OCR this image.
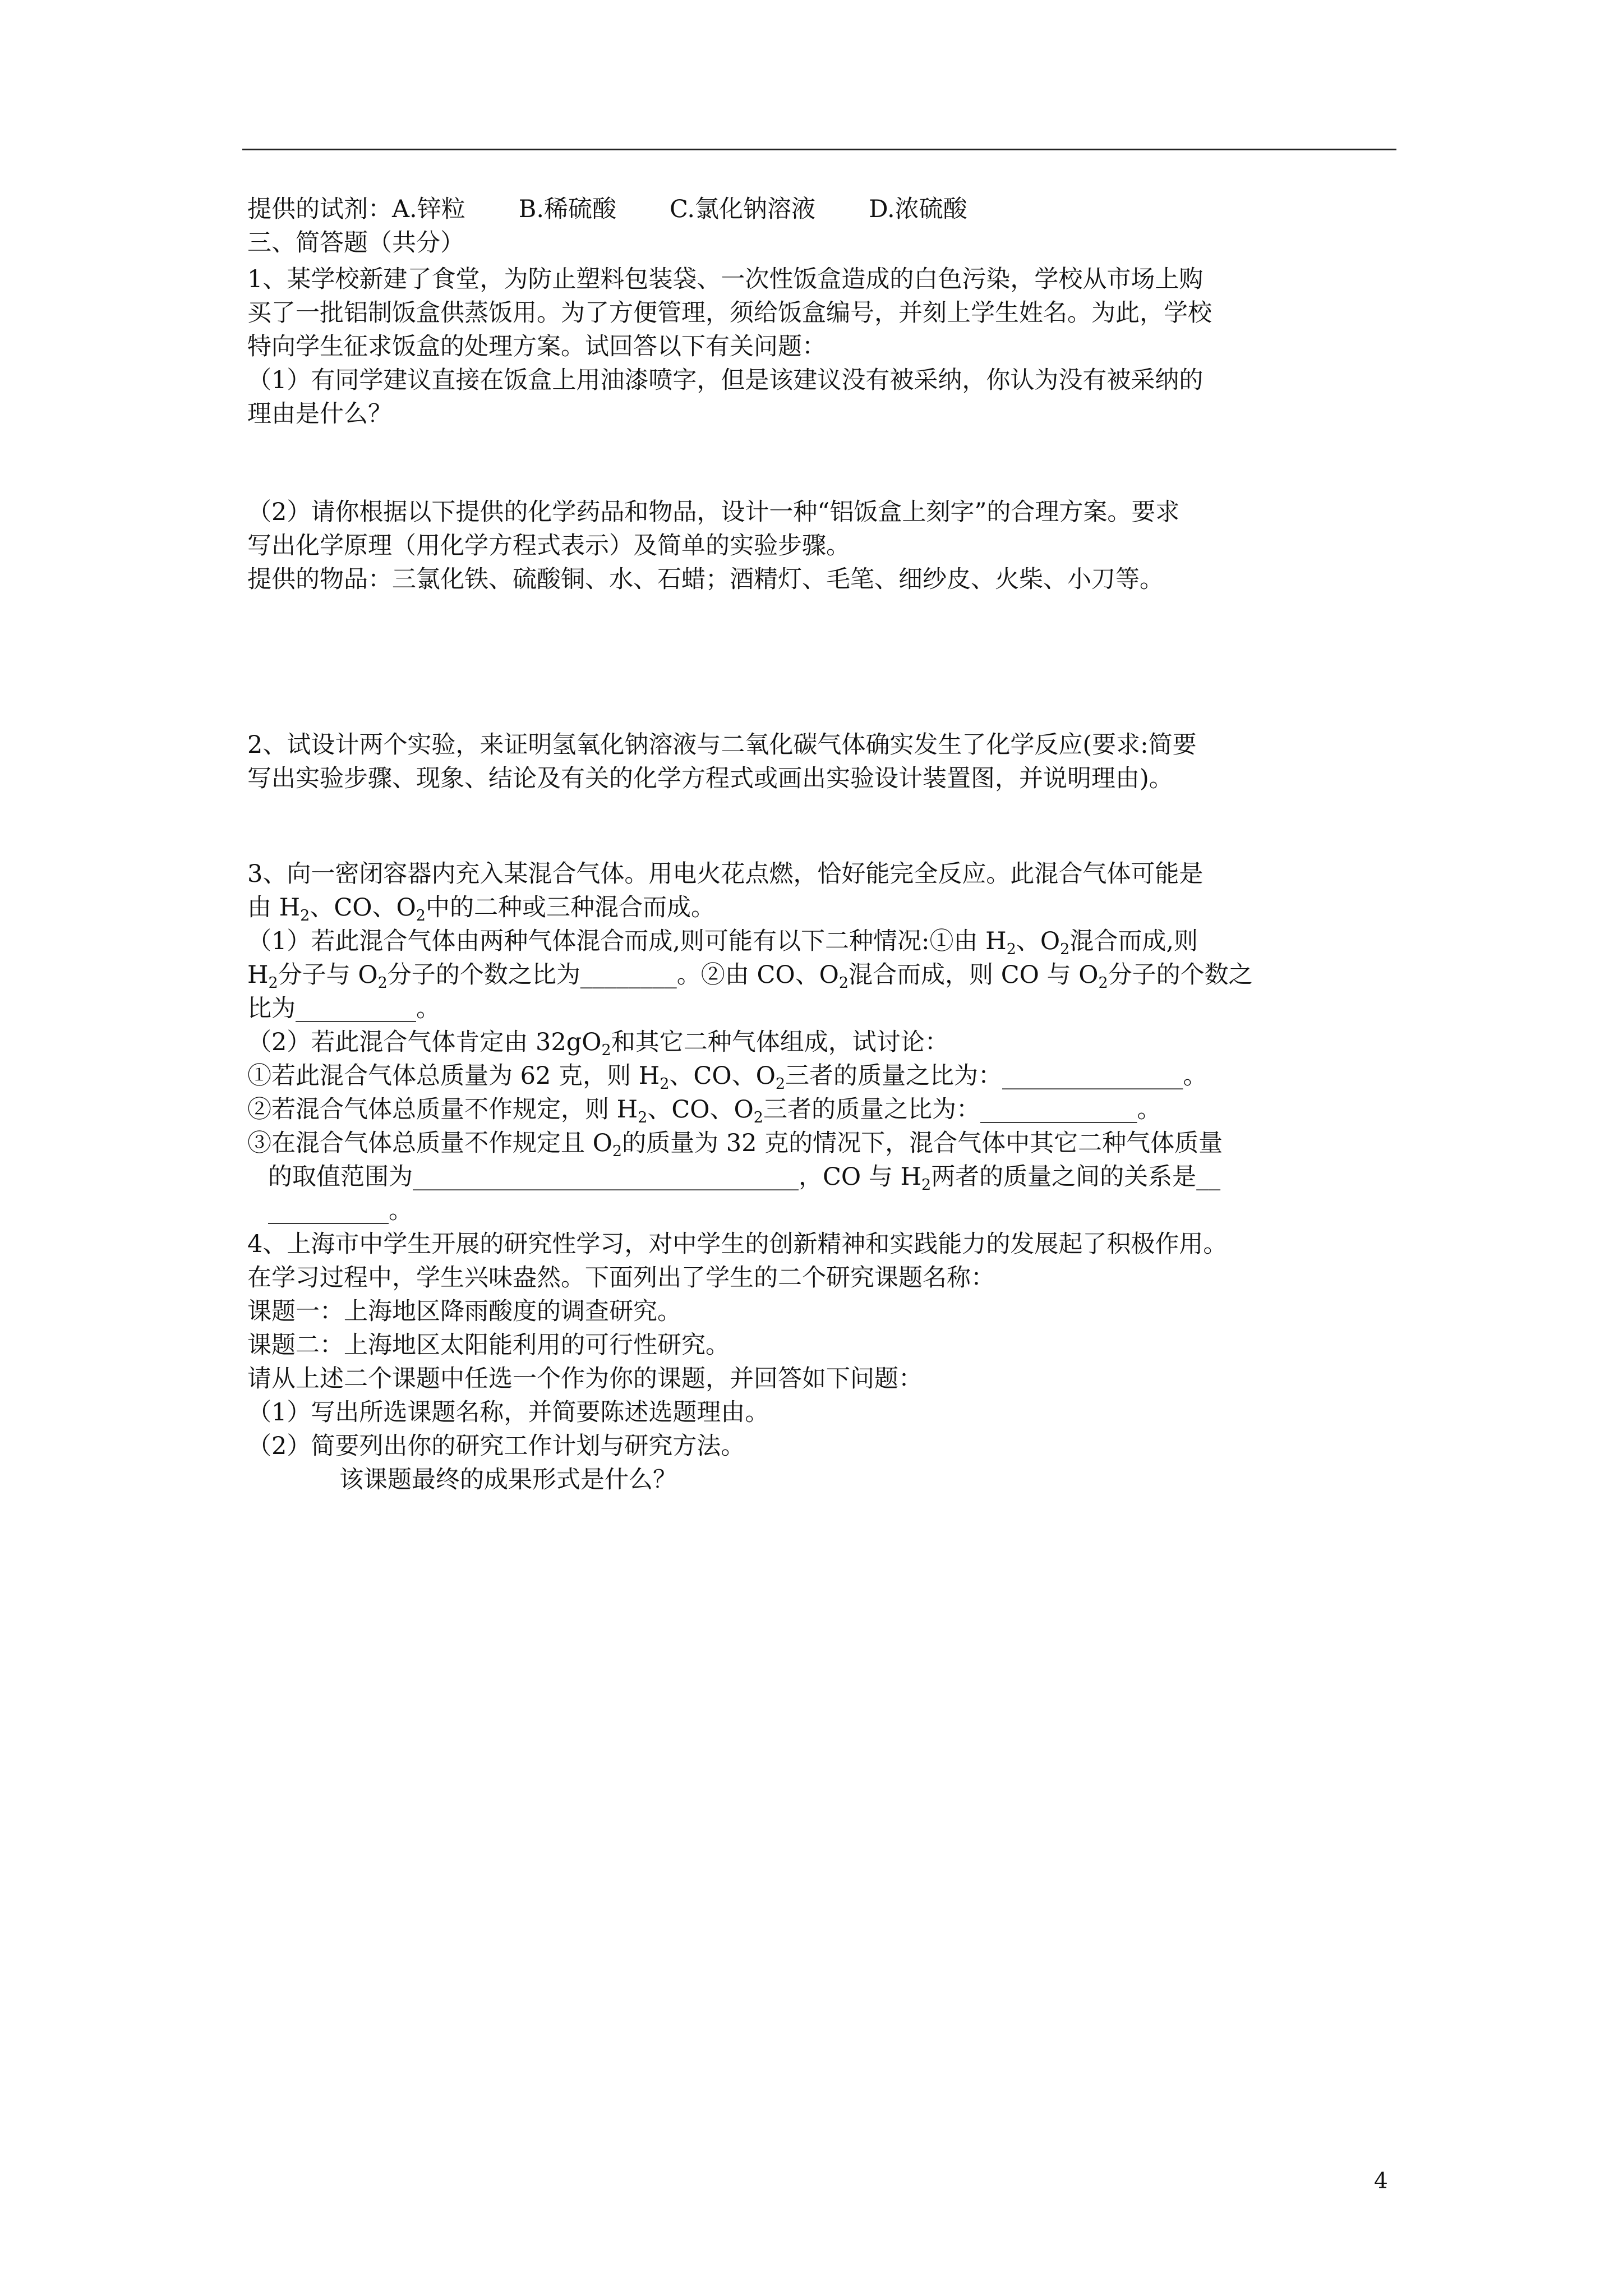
提供的试剂：A.锌粒 B.稀硫酸 C.氯化钠溶液 D.浓硫酸
三、简答题（共分）
1、某学校新建了食堂，为防止塑料包装袋、一次性饭盒造成的白色污染，学校从市场上购
买了一批铝制饭盒供蒸饭用。为了方便管理，须给饭盒编号，并刻上学生姓名。为此，学校
特向学生征求饭盒的处理方案。试回答以下有关问题：
（1）有同学建议直接在饭盒上用油漆喷字，但是该建议没有被采纳，你认为没有被采纳的
理由是什么？
（2）请你根据以下提供的化学药品和物品，设计一种“铝饭盒上刻字”的合理方案。要求
写出化学原理（用化学方程式表示）及简单的实验步骤。
提供的物品：三氯化铁、硫酸铜、水、石蜡；酒精灯、毛笔、细纱皮、火柴、小刀等。
2、试设计两个实验，来证明氢氧化钠溶液与二氧化碳气体确实发生了化学反应(要求:简要
写出实验步骤、现象、结论及有关的化学方程式或画出实验设计装置图，并说明理由)。
3、向一密闭容器内充入某混合气体。用电火花点燃，恰好能完全反应。此混合气体可能是
由 $H_2$、CO、$O_2$中的二种或三种混合而成。
（1）若此混合气体由两种气体混合而成,则可能有以下二种情况:①由 $H_2$、$O_2$混合而成,则
$H_2$分子与 $O_2$分子的个数之比为________。②由 CO、$O_2$混合而成，则 CO 与 $O_2$分子的个数之
比为__________。
（2）若此混合气体肯定由 $32gO_2$和其它二种气体组成，试讨论：
①若此混合气体总质量为 62 克，则 $H_2$、CO、$O_2$三者的质量之比为：_______________。
②若混合气体总质量不作规定，则 $H_2$、CO、$O_2$三者的质量之比为：_____________。
③在混合气体总质量不作规定且 $O_2$的质量为 32 克的情况下，混合气体中其它二种气体质量
的取值范围为________________________________，CO 与 $H_2$两者的质量之间的关系是__
__________。
4、上海市中学生开展的研究性学习，对中学生的创新精神和实践能力的发展起了积极作用。
在学习过程中，学生兴味盎然。下面列出了学生的二个研究课题名称：
课题一：上海地区降雨酸度的调查研究。
课题二：上海地区太阳能利用的可行性研究。
请从上述二个课题中任选一个作为你的课题，并回答如下问题：
（1）写出所选课题名称，并简要陈述选题理由。
（2）简要列出你的研究工作计划与研究方法。
该课题最终的成果形式是什么？
4
